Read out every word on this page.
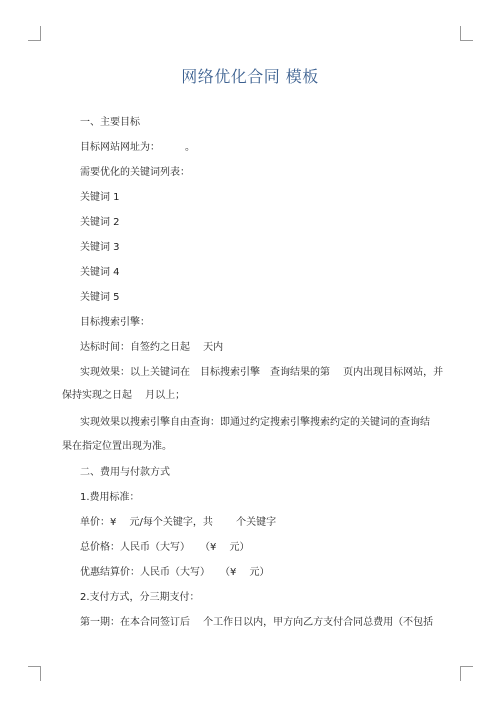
网络优化合同 模板
一、主要目标
目标网站网址为：　　　。
需要优化的关键词列表：
关键词 1
关键词 2
关键词 3
关键词 4
关键词 5
目标搜索引擎：
达标时间：自签约之日起　 天内
实现效果：以上关键词在　目标搜索引擎　查询结果的第　 页内出现目标网站，并
保持实现之日起　 月以上；
实现效果以搜索引擎自由查询：即通过约定搜索引擎搜索约定的关键词的查询结
果在指定位置出现为准。
二、费用与付款方式
1.费用标准：
单价：¥　 元/每个关键字，共　　 个关键字
总价格：人民币（大写）　　（¥　 元）
优惠结算价：人民币（大写）　　（¥　 元）
2.支付方式，分三期支付：
第一期：在本合同签订后　 个工作日以内，甲方向乙方支付合同总费用（不包括
